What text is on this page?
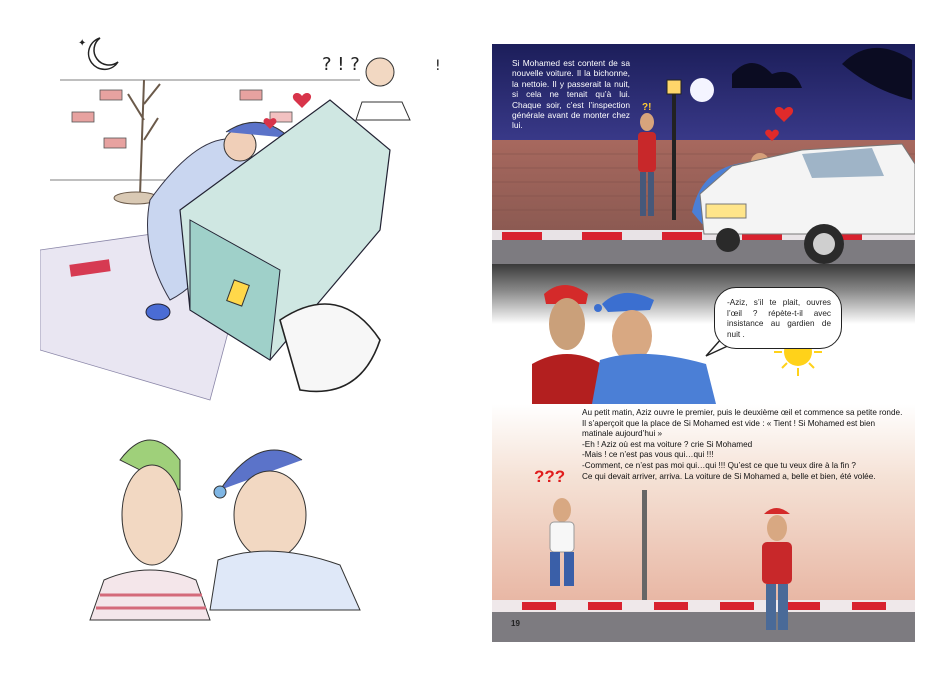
✦
? ! ?	!
?!
Si Mohamed est content de sa nouvelle voiture. Il la bichonne, la nettoie. Il y passerait la nuit, si cela ne tenait qu’à lui. Chaque soir, c’est l’inspection générale avant de monter chez lui.
-Aziz, s’il te plait, ouvres l’œil ? répète-t-il avec insistance au gardien de nuit .
???
Au petit matin, Aziz ouvre le premier, puis le deuxième œil et commence sa petite ronde. Il s’aperçoit que la place de Si Mohamed est vide : « Tient ! Si Mohamed est bien matinale aujourd’hui »
-Eh ! Aziz où est ma voiture ? crie Si Mohamed
-Mais ! ce n’est pas vous qui…qui !!!
-Comment, ce n’est pas moi qui…qui !!! Qu’est ce que tu veux dire à la fin ?
Ce qui devait arriver, arriva. La voiture de Si Mohamed a, belle et bien, été volée.
19
